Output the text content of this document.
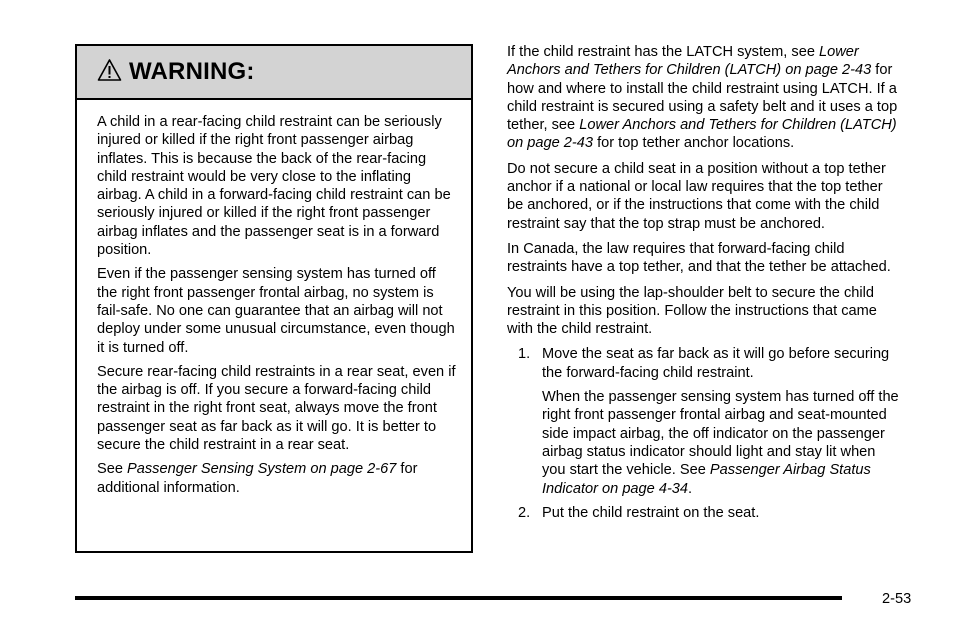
WARNING:

A child in a rear-facing child restraint can be seriously injured or killed if the right front passenger airbag inflates. This is because the back of the rear-facing child restraint would be very close to the inflating airbag. A child in a forward-facing child restraint can be seriously injured or killed if the right front passenger airbag inflates and the passenger seat is in a forward position.

Even if the passenger sensing system has turned off the right front passenger frontal airbag, no system is fail-safe. No one can guarantee that an airbag will not deploy under some unusual circumstance, even though it is turned off.

Secure rear-facing child restraints in a rear seat, even if the airbag is off. If you secure a forward-facing child restraint in the right front seat, always move the front passenger seat as far back as it will go. It is better to secure the child restraint in a rear seat.

See Passenger Sensing System on page 2-67 for additional information.

If the child restraint has the LATCH system, see Lower Anchors and Tethers for Children (LATCH) on page 2-43 for how and where to install the child restraint using LATCH. If a child restraint is secured using a safety belt and it uses a top tether, see Lower Anchors and Tethers for Children (LATCH) on page 2-43 for top tether anchor locations.

Do not secure a child seat in a position without a top tether anchor if a national or local law requires that the top tether be anchored, or if the instructions that come with the child restraint say that the top strap must be anchored.

In Canada, the law requires that forward-facing child restraints have a top tether, and that the tether be attached.

You will be using the lap-shoulder belt to secure the child restraint in this position. Follow the instructions that came with the child restraint.

1. Move the seat as far back as it will go before securing the forward-facing child restraint.

When the passenger sensing system has turned off the right front passenger frontal airbag and seat-mounted side impact airbag, the off indicator on the passenger airbag status indicator should light and stay lit when you start the vehicle. See Passenger Airbag Status Indicator on page 4-34.

2. Put the child restraint on the seat.

2-53
